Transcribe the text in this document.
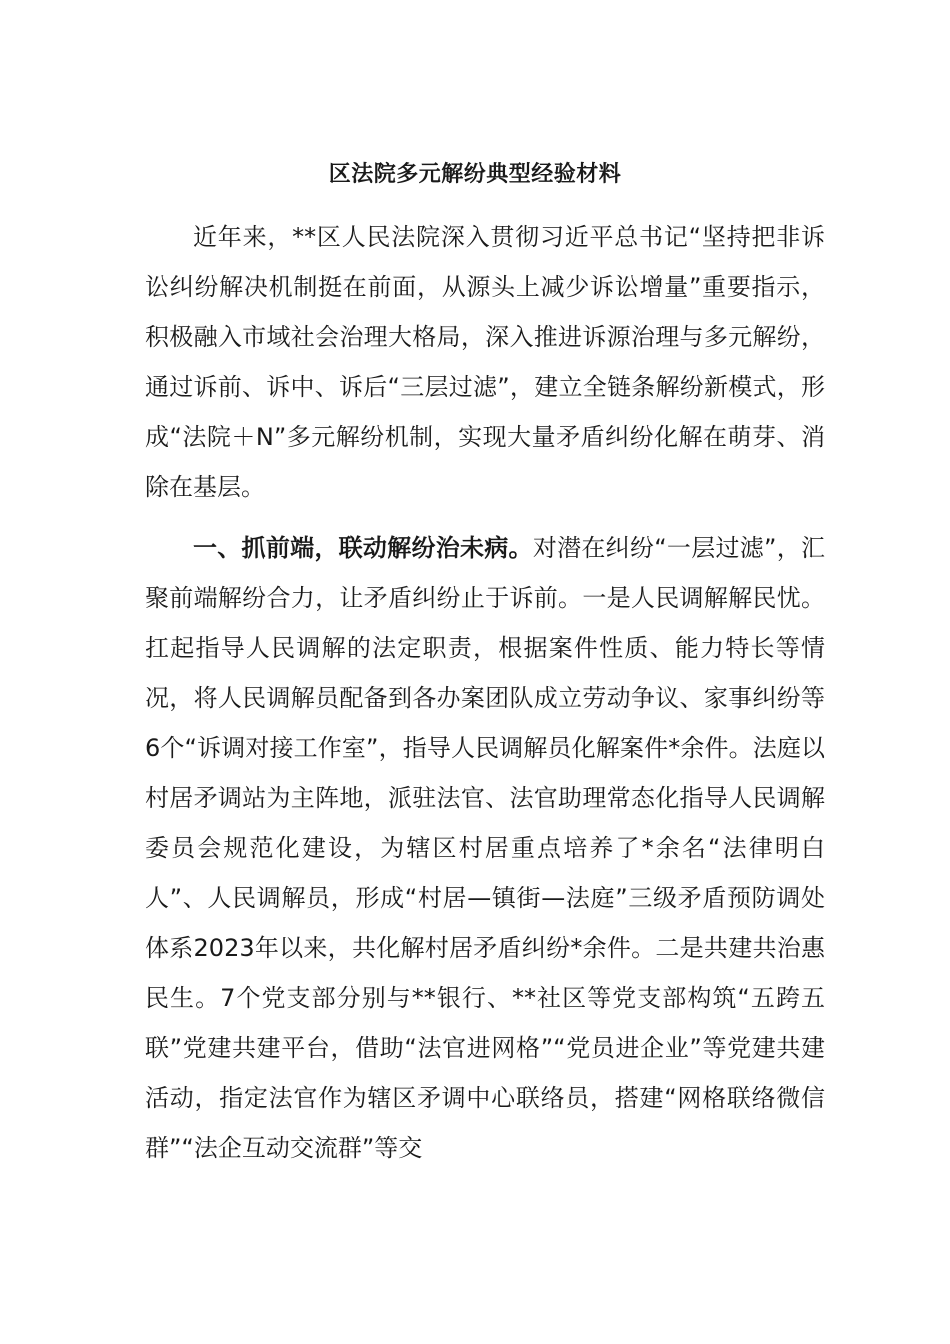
区法院多元解纷典型经验材料

近年来，**区人民法院深入贯彻习近平总书记“坚持把非诉讼纠纷解决机制挺在前面，从源头上减少诉讼增量”重要指示，积极融入市域社会治理大格局，深入推进诉源治理与多元解纷，通过诉前、诉中、诉后“三层过滤”，建立全链条解纷新模式，形成“法院＋N”多元解纷机制，实现大量矛盾纠纷化解在萌芽、消除在基层。

一、抓前端，联动解纷治未病。对潜在纠纷“一层过滤”，汇聚前端解纷合力，让矛盾纠纷止于诉前。一是人民调解解民忧。扛起指导人民调解的法定职责，根据案件性质、能力特长等情况，将人民调解员配备到各办案团队成立劳动争议、家事纠纷等6个“诉调对接工作室”，指导人民调解员化解案件*余件。法庭以村居矛调站为主阵地，派驻法官、法官助理常态化指导人民调解委员会规范化建设，为辖区村居重点培养了*余名“法律明白人”、人民调解员，形成“村居—镇街—法庭”三级矛盾预防调处体系2023年以来，共化解村居矛盾纠纷*余件。二是共建共治惠民生。7个党支部分别与**银行、**社区等党支部构筑“五跨五联”党建共建平台，借助“法官进网格”“党员进企业”等党建共建活动，指定法官作为辖区矛调中心联络员，搭建“网格联络微信群”“法企互动交流群”等交
